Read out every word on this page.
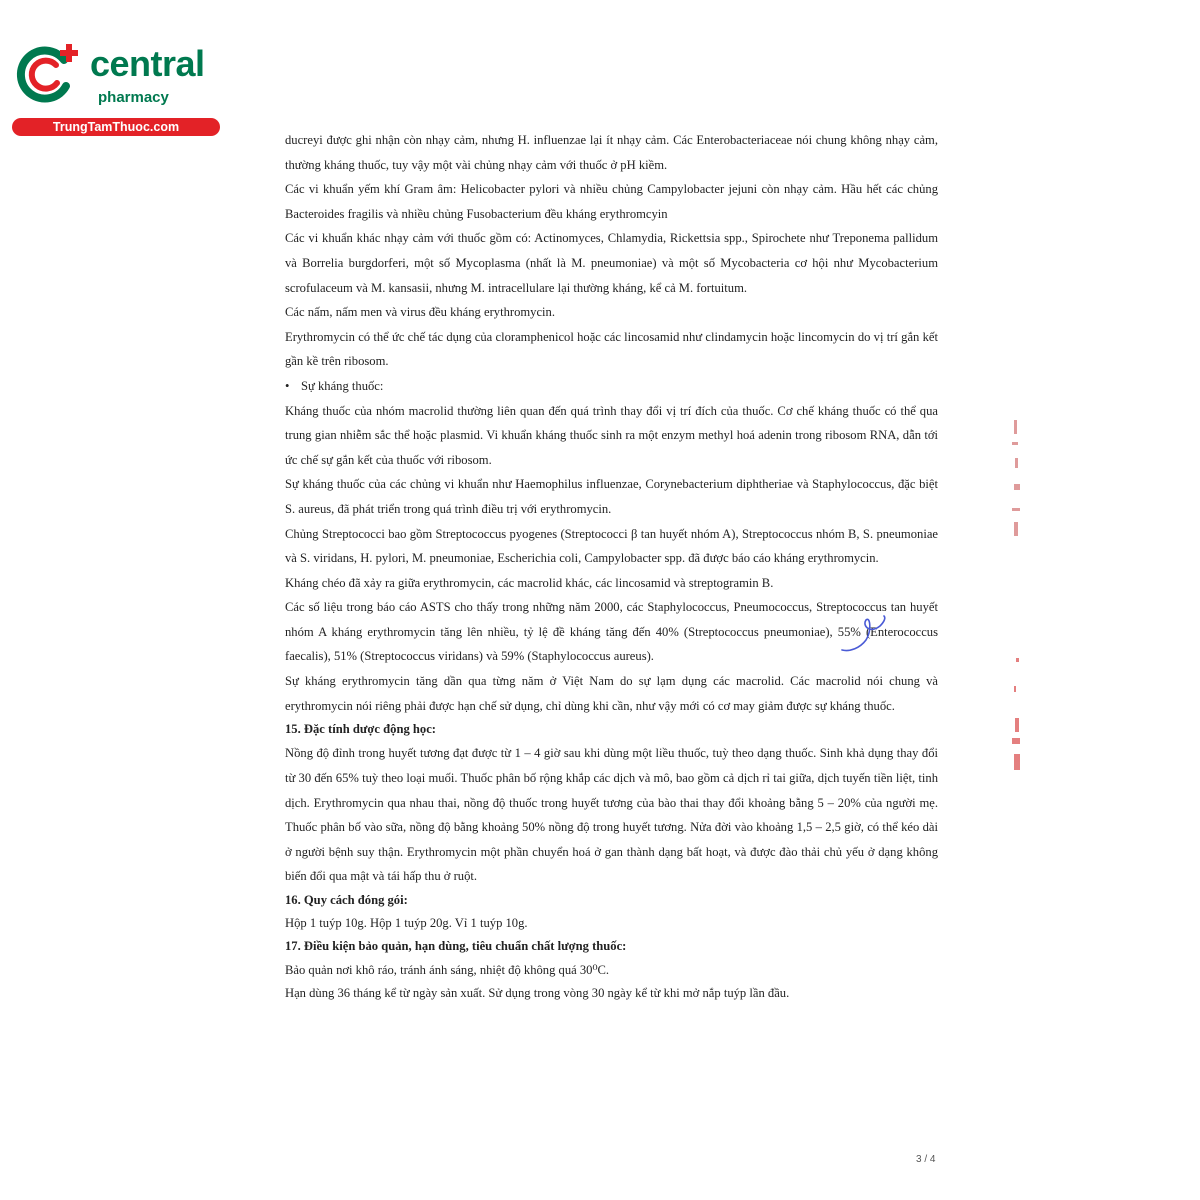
central
pharmacy
TrungTamThuoc.com

ducreyi được ghi nhận còn nhạy cảm, nhưng H. influenzae lại ít nhạy cảm. Các Enterobacteriaceae nói chung không nhạy cảm, thường kháng thuốc, tuy vậy một vài chủng nhạy cảm với thuốc ở pH kiềm.

Các vi khuẩn yếm khí Gram âm: Helicobacter pylori và nhiều chủng Campylobacter jejuni còn nhạy cảm. Hầu hết các chủng Bacteroides fragilis và nhiều chủng Fusobacterium đều kháng erythromcyin

Các vi khuẩn khác nhạy cảm với thuốc gồm có: Actinomyces, Chlamydia, Rickettsia spp., Spirochete như Treponema pallidum và Borrelia burgdorferi, một số Mycoplasma (nhất là M. pneumoniae) và một số Mycobacteria cơ hội như Mycobacterium scrofulaceum và M. kansasii, nhưng M. intracellulare lại thường kháng, kể cả M. fortuitum.

Các nấm, nấm men và virus đều kháng erythromycin.

Erythromycin có thể ức chế tác dụng của cloramphenicol hoặc các lincosamid như clindamycin hoặc lincomycin do vị trí gắn kết gần kề trên ribosom.

• Sự kháng thuốc:

Kháng thuốc của nhóm macrolid thường liên quan đến quá trình thay đổi vị trí đích của thuốc. Cơ chế kháng thuốc có thể qua trung gian nhiễm sắc thể hoặc plasmid. Vi khuẩn kháng thuốc sinh ra một enzym methyl hoá adenin trong ribosom RNA, dẫn tới ức chế sự gắn kết của thuốc với ribosom.

Sự kháng thuốc của các chủng vi khuẩn như Haemophilus influenzae, Corynebacterium diphtheriae và Staphylococcus, đặc biệt S. aureus, đã phát triển trong quá trình điều trị với erythromycin.

Chủng Streptococci bao gồm Streptococcus pyogenes (Streptococci β tan huyết nhóm A), Streptococcus nhóm B, S. pneumoniae và S. viridans, H. pylori, M. pneumoniae, Escherichia coli, Campylobacter spp. đã được báo cáo kháng erythromycin.

Kháng chéo đã xảy ra giữa erythromycin, các macrolid khác, các lincosamid và streptogramin B.

Các số liệu trong báo cáo ASTS cho thấy trong những năm 2000, các Staphylococcus, Pneumococcus, Streptococcus tan huyết nhóm A kháng erythromycin tăng lên nhiều, tỷ lệ đề kháng tăng đến 40% (Streptococcus pneumoniae), 55% (Enterococcus faecalis), 51% (Streptococcus viridans) và 59% (Staphylococcus aureus).

Sự kháng erythromycin tăng dần qua từng năm ở Việt Nam do sự lạm dụng các macrolid. Các macrolid nói chung và erythromycin nói riêng phải được hạn chế sử dụng, chỉ dùng khi cần, như vậy mới có cơ may giảm được sự kháng thuốc.

15. Đặc tính dược động học:

Nồng độ đỉnh trong huyết tương đạt được từ 1 – 4 giờ sau khi dùng một liều thuốc, tuỳ theo dạng thuốc. Sinh khả dụng thay đổi từ 30 đến 65% tuỳ theo loại muối. Thuốc phân bố rộng khắp các dịch và mô, bao gồm cả dịch rỉ tai giữa, dịch tuyến tiền liệt, tinh dịch. Erythromycin qua nhau thai, nồng độ thuốc trong huyết tương của bào thai thay đổi khoảng bằng 5 – 20% của người mẹ. Thuốc phân bố vào sữa, nồng độ bằng khoảng 50% nồng độ trong huyết tương. Nửa đời vào khoảng 1,5 – 2,5 giờ, có thể kéo dài ở người bệnh suy thận. Erythromycin một phần chuyển hoá ở gan thành dạng bất hoạt, và được đào thải chủ yếu ở dạng không biến đổi qua mật và tái hấp thu ở ruột.

16. Quy cách đóng gói:

Hộp 1 tuýp 10g. Hộp 1 tuýp 20g. Vỉ 1 tuýp 10g.

17. Điều kiện bảo quản, hạn dùng, tiêu chuẩn chất lượng thuốc:

Bảo quản nơi khô ráo, tránh ánh sáng, nhiệt độ không quá 30⁰C.

Hạn dùng 36 tháng kể từ ngày sản xuất. Sử dụng trong vòng 30 ngày kể từ khi mở nắp tuýp lần đầu.

3 / 4
